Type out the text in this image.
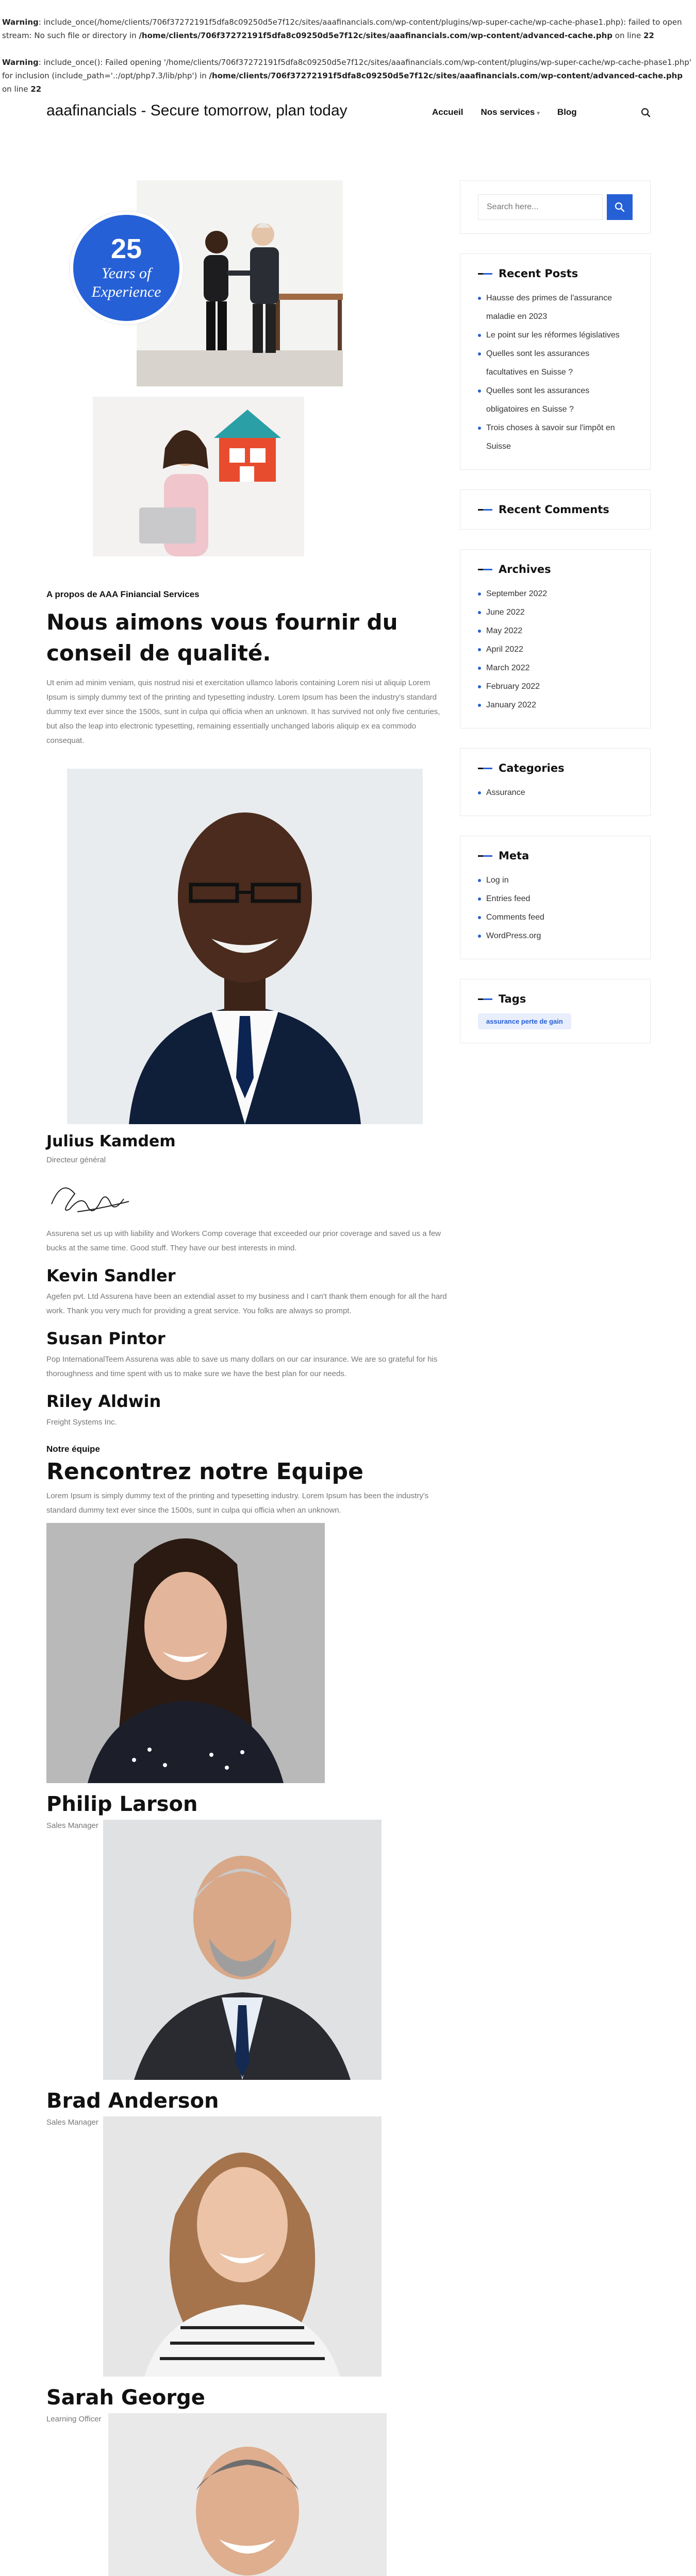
Warning: include_once(/home/clients/706f37272191f5dfa8c09250d5e7f12c/sites/aaafinancials.com/wp-content/plugins/wp-super-cache/wp-cache-phase1.php): failed to open stream: No such file or directory in /home/clients/706f37272191f5dfa8c09250d5e7f12c/sites/aaafinancials.com/wp-content/advanced-cache.php on line 22

Warning: include_once(): Failed opening '/home/clients/706f37272191f5dfa8c09250d5e7f12c/sites/aaafinancials.com/wp-content/plugins/wp-super-cache/wp-cache-phase1.php' for inclusion (include_path='.:/opt/php7.3/lib/php') in /home/clients/706f37272191f5dfa8c09250d5e7f12c/sites/aaafinancials.com/wp-content/advanced-cache.php on line 22

aaafinancials - Secure tomorrow, plan today	Accueil Nos services ▾ Blog
25
Years of
Experience
A propos de AAA Finiancial Services
Nous aimons vous fournir du conseil de qualité.

Ut enim ad minim veniam, quis nostrud nisi et exercitation ullamco laboris containing Lorem nisi ut aliquip Lorem Ipsum is simply dummy text of the printing and typesetting industry. Lorem Ipsum has been the industry's standard dummy text ever since the 1500s, sunt in culpa qui officia when an unknown. It has survived not only five centuries, but also the leap into electronic typesetting, remaining essentially unchanged laboris aliquip ex ea commodo consequat.

Julius Kamdem
Directeur général

Assurena set us up with liability and Workers Comp coverage that exceeded our prior coverage and saved us a few bucks at the same time. Good stuff. They have our best interests in mind.

Kevin Sandler

Agefen pvt. Ltd Assurena have been an extendial asset to my business and I can't thank them enough for all the hard work. Thank you very much for providing a great service. You folks are always so prompt.

Susan Pintor

Pop InternationalTeem Assurena was able to save us many dollars on our car insurance. We are so grateful for his thoroughness and time spent with us to make sure we have the best plan for our needs.

Riley Aldwin

Freight Systems Inc.

Notre équipe
Rencontrez notre Equipe

Lorem Ipsum is simply dummy text of the printing and typesetting industry. Lorem Ipsum has been the industry's standard dummy text ever since the 1500s, sunt in culpa qui officia when an unknown.

Philip Larson
Sales Manager
Brad Anderson
Sales Manager
Sarah George
Learning Officer
Search here...
Recent Posts
Hausse des primes de l'assurance maladie en 2023
Le point sur les réformes législatives
Quelles sont les assurances facultatives en Suisse ?
Quelles sont les assurances obligatoires en Suisse ?
Trois choses à savoir sur l'impôt en Suisse
Recent Comments
Archives
September 2022
June 2022
May 2022
April 2022
March 2022
February 2022
January 2022
Categories
Assurance
Meta
Log in
Entries feed
Comments feed
WordPress.org
Tags
assurance perte de gain
